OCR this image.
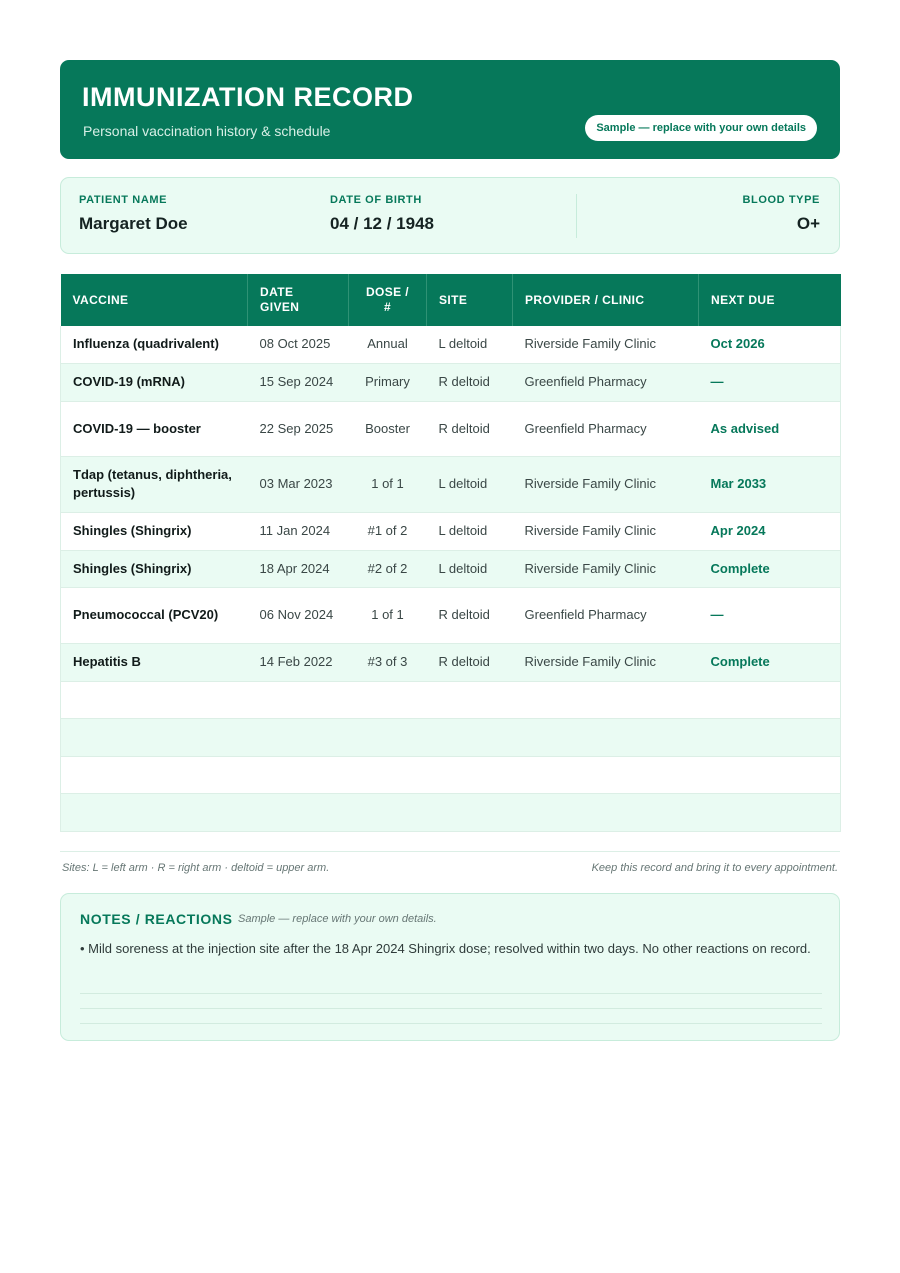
IMMUNIZATION RECORD
Personal vaccination history & schedule	Sample — replace with your own details
PATIENT NAME
Margaret Doe
DATE OF BIRTH
04 / 12 / 1948
BLOOD TYPE
O+
VACCINE	DATE GIVEN	DOSE / #	SITE	PROVIDER / CLINIC	NEXT DUE
Influenza (quadrivalent)	08 Oct 2025	Annual	L deltoid	Riverside Family Clinic	Oct 2026
COVID-19 (mRNA)	15 Sep 2024	Primary	R deltoid	Greenfield Pharmacy	—
COVID-19 — booster	22 Sep 2025	Booster	R deltoid	Greenfield Pharmacy	As advised
Tdap (tetanus, diphtheria, pertussis)	03 Mar 2023	1 of 1	L deltoid	Riverside Family Clinic	Mar 2033
Shingles (Shingrix)	11 Jan 2024	#1 of 2	L deltoid	Riverside Family Clinic	Apr 2024
Shingles (Shingrix)	18 Apr 2024	#2 of 2	L deltoid	Riverside Family Clinic	Complete
Pneumococcal (PCV20)	06 Nov 2024	1 of 1	R deltoid	Greenfield Pharmacy	—
Hepatitis B	14 Feb 2022	#3 of 3	R deltoid	Riverside Family Clinic	Complete

Sites: L = left arm · R = right arm · deltoid = upper arm.	Keep this record and bring it to every appointment.
NOTES / REACTIONS Sample — replace with your own details.
• Mild soreness at the injection site after the 18 Apr 2024 Shingrix dose; resolved within two days. No other reactions on record.
